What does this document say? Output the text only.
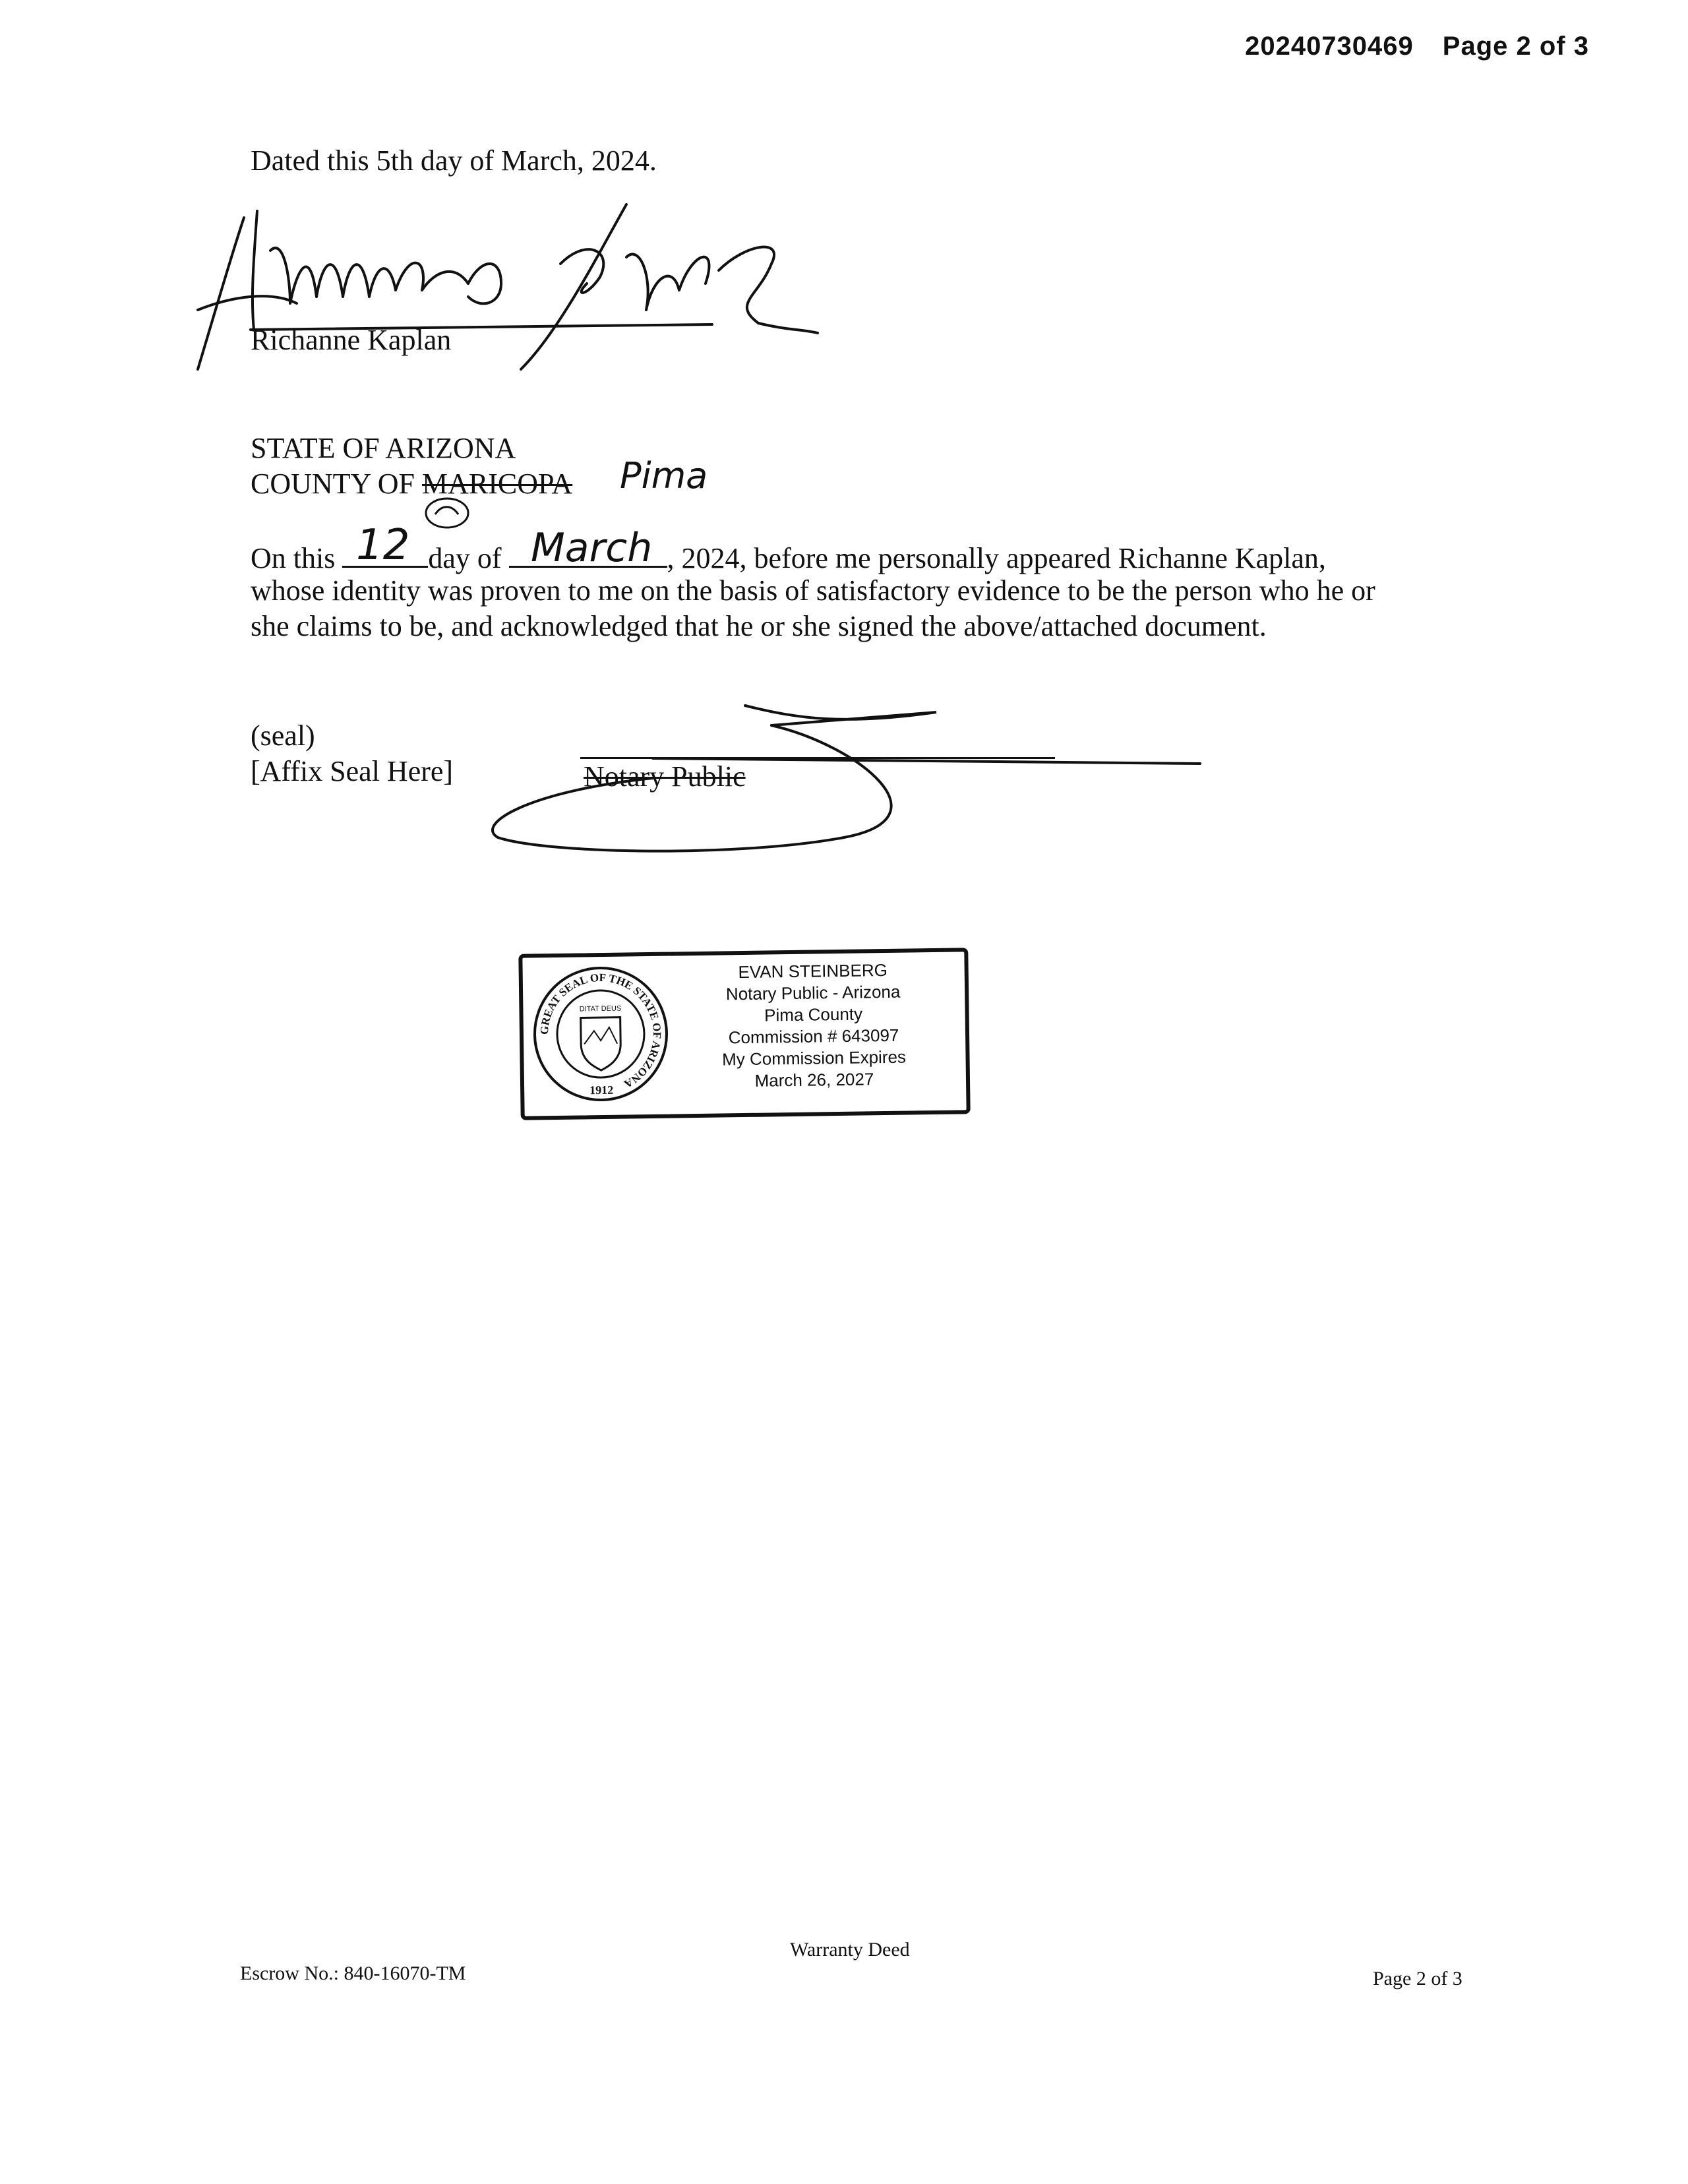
20240730469 Page 2 of 3
Dated this 5th day of March, 2024.
Richanne Kaplan
STATE OF ARIZONA
COUNTY OF MARICOPA Pima
On this	day of	, 2024, before me personally appeared Richanne Kaplan,
12	March
whose identity was proven to me on the basis of satisfactory evidence to be the person who he or
she claims to be, and acknowledged that he or she signed the above/attached document.
(seal)
[Affix Seal Here]	Notary Public
GREAT SEAL OF THE STATE OF ARIZONA
DITAT DEUS
1912
EVAN STEINBERG
Notary Public - Arizona
Pima County
Commission # 643097
My Commission Expires
March 26, 2027
Warranty Deed
Escrow No.: 840-16070-TM	Page 2 of 3
